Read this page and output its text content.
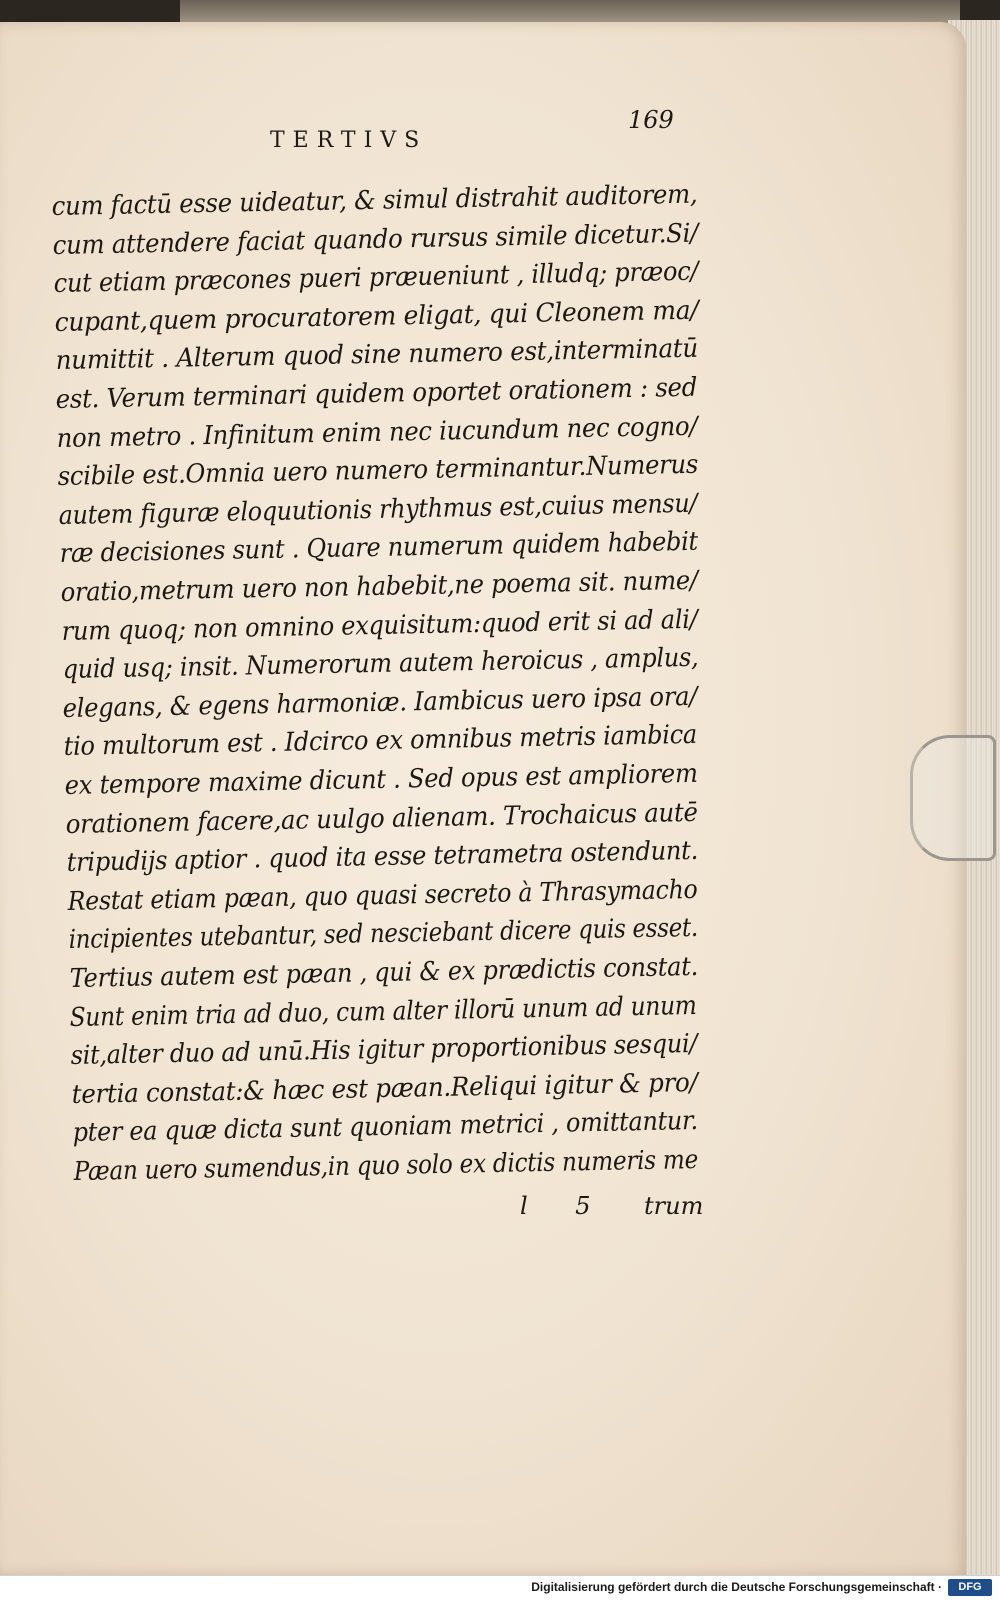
TERTIVS
169
cum factū esse uideatur, & simul distrahit auditorem,
cum attendere faciat quando rursus simile dicetur.Si/
cut etiam præcones pueri præueniunt , illudq; præoc/
cupant,quem procuratorem eligat, qui Cleonem ma/
numittit . Alterum quod sine numero est,interminatū
est. Verum terminari quidem oportet orationem : sed
non metro . Infinitum enim nec iucundum nec cogno/
scibile est.Omnia uero numero terminantur.Numerus
autem figuræ eloquutionis rhythmus est,cuius mensu/
ræ decisiones sunt . Quare numerum quidem habebit
oratio,metrum uero non habebit,ne poema sit. nume/
rum quoq; non omnino exquisitum:quod erit si ad ali/
quid usq; insit. Numerorum autem heroicus , amplus,
elegans, & egens harmoniæ. Iambicus uero ipsa ora/
tio multorum est . Idcirco ex omnibus metris iambica
ex tempore maxime dicunt . Sed opus est ampliorem
orationem facere,ac uulgo alienam. Trochaicus autē
tripudijs aptior . quod ita esse tetrametra ostendunt.
Restat etiam pæan, quo quasi secreto à Thrasymacho
incipientes utebantur, sed nesciebant dicere quis esset.
Tertius autem est pæan , qui & ex prædictis constat.
Sunt enim tria ad duo, cum alter illorū unum ad unum
sit,alter duo ad unū.His igitur proportionibus sesqui/
tertia constat:& hæc est pæan.Reliqui igitur & pro/
pter ea quæ dicta sunt quoniam metrici , omittantur.
Pæan uero sumendus,in quo solo ex dictis numeris me
l 5 trum
Digitalisierung gefördert durch die Deutsche Forschungsgemeinschaft ·	DFG
